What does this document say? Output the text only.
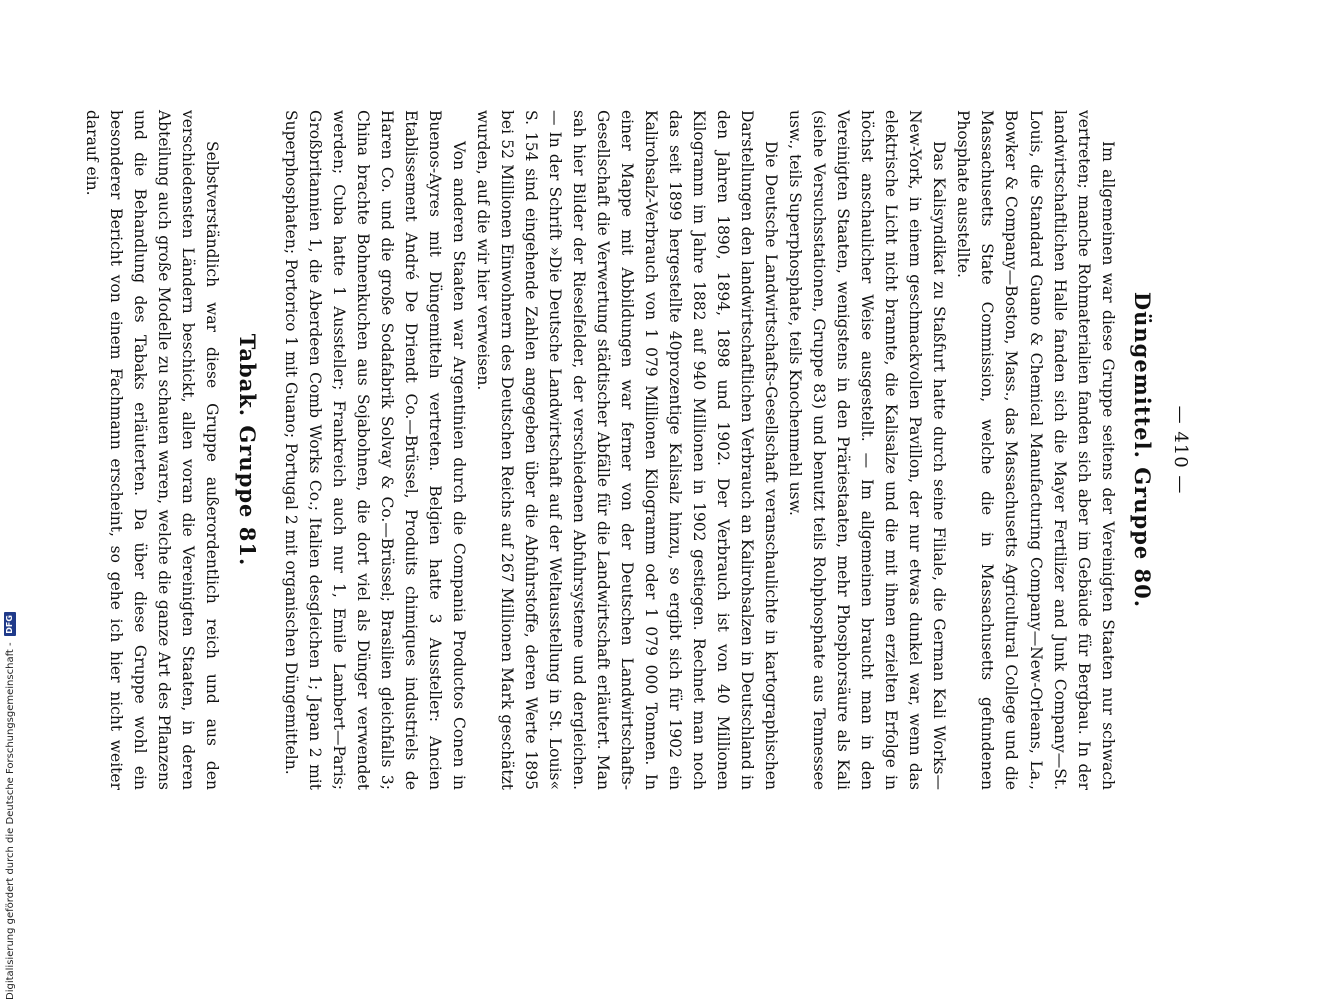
— 410 —
Düngemittel. Gruppe 80.

Im allgemeinen war diese Gruppe seitens der Vereinigten Staaten nur schwach vertreten; manche Rohmaterialien fanden sich aber im Gebäude für Bergbau. In der landwirtschaftlichen Halle fanden sich die Mayer Fertilizer and Junk Company—St. Louis, die Standard Guano & Chemical Manufacturing Company—New-Orleans, La., Bowker & Company—Boston, Mass., das Massachusetts Agricultural College und die Massachusetts State Commission, welche die in Massachusetts gefundenen Phosphate ausstellte.

Das Kalisyndikat zu Staßfurt hatte durch seine Filiale, die German Kali Works—New-York, in einem geschmackvollen Pavillon, der nur etwas dunkel war, wenn das elektrische Licht nicht brannte, die Kalisalze und die mit ihnen erzielten Erfolge in höchst anschaulicher Weise ausgestellt. — Im allgemeinen braucht man in den Vereinigten Staaten, wenigstens in den Präriestaaten, mehr Phosphorsäure als Kali (siehe Versuchsstationen, Gruppe 83) und benutzt teils Rohphosphate aus Tennessee usw., teils Superphosphate, teils Knochenmehl usw.

Die Deutsche Landwirtschafts-Gesellschaft veranschaulichte in kartographischen Darstellungen den landwirtschaftlichen Verbrauch an Kalirohsalzen in Deutschland in den Jahren 1890, 1894, 1898 und 1902. Der Verbrauch ist von 40 Millionen Kilogramm im Jahre 1882 auf 940 Millionen in 1902 gestiegen. Rechnet man noch das seit 1899 hergestellte 40prozentige Kalisalz hinzu, so ergibt sich für 1902 ein Kalirohsalz-Verbrauch von 1 079 Millionen Kilogramm oder 1 079 000 Tonnen. In einer Mappe mit Abbildungen war ferner von der Deutschen Landwirtschafts-Gesellschaft die Verwertung städtischer Abfälle für die Landwirtschaft erläutert. Man sah hier Bilder der Rieselfelder, der verschiedenen Abfuhrsysteme und dergleichen. — In der Schrift »Die Deutsche Landwirtschaft auf der Weltausstellung in St. Louis« S. 154 sind eingehende Zahlen angegeben über die Abfuhrstoffe, deren Werte 1895 bei 52 Millionen Einwohnern des Deutschen Reichs auf 267 Millionen Mark geschätzt wurden, auf die wir hier verweisen.

Von anderen Staaten war Argentinien durch die Compania Productos Conen in Buenos-Ayres mit Düngemitteln vertreten. Belgien hatte 3 Aussteller: Ancien Etablissement André De Driendt Co.—Brüssel, Produits chimiques industriels de Haren Co. und die große Sodafabrik Solvay & Co.—Brüssel; Brasilien gleichfalls 3; China brachte Bohnenkuchen aus Sojabohnen, die dort viel als Dünger verwendet werden; Cuba hatte 1 Aussteller; Frankreich auch nur 1, Emile Lambert—Paris; Großbritannien 1, die Aberdeen Comb Works Co.; Italien desgleichen 1; Japan 2 mit Superphosphaten; Portorico 1 mit Guano; Portugal 2 mit organischen Düngemitteln.

Tabak. Gruppe 81.

Selbstverständlich war diese Gruppe außerordentlich reich und aus den verschiedensten Ländern beschickt, allen voran die Vereinigten Staaten, in deren Abteilung auch große Modelle zu schauen waren, welche die ganze Art des Pflanzens und die Behandlung des Tabaks erläuterten. Da über diese Gruppe wohl ein besonderer Bericht von einem Fachmann erscheint, so gehe ich hier nicht weiter darauf ein.

Digitalisierung gefördert durch die Deutsche Forschungsgemeinschaft -
DFG
